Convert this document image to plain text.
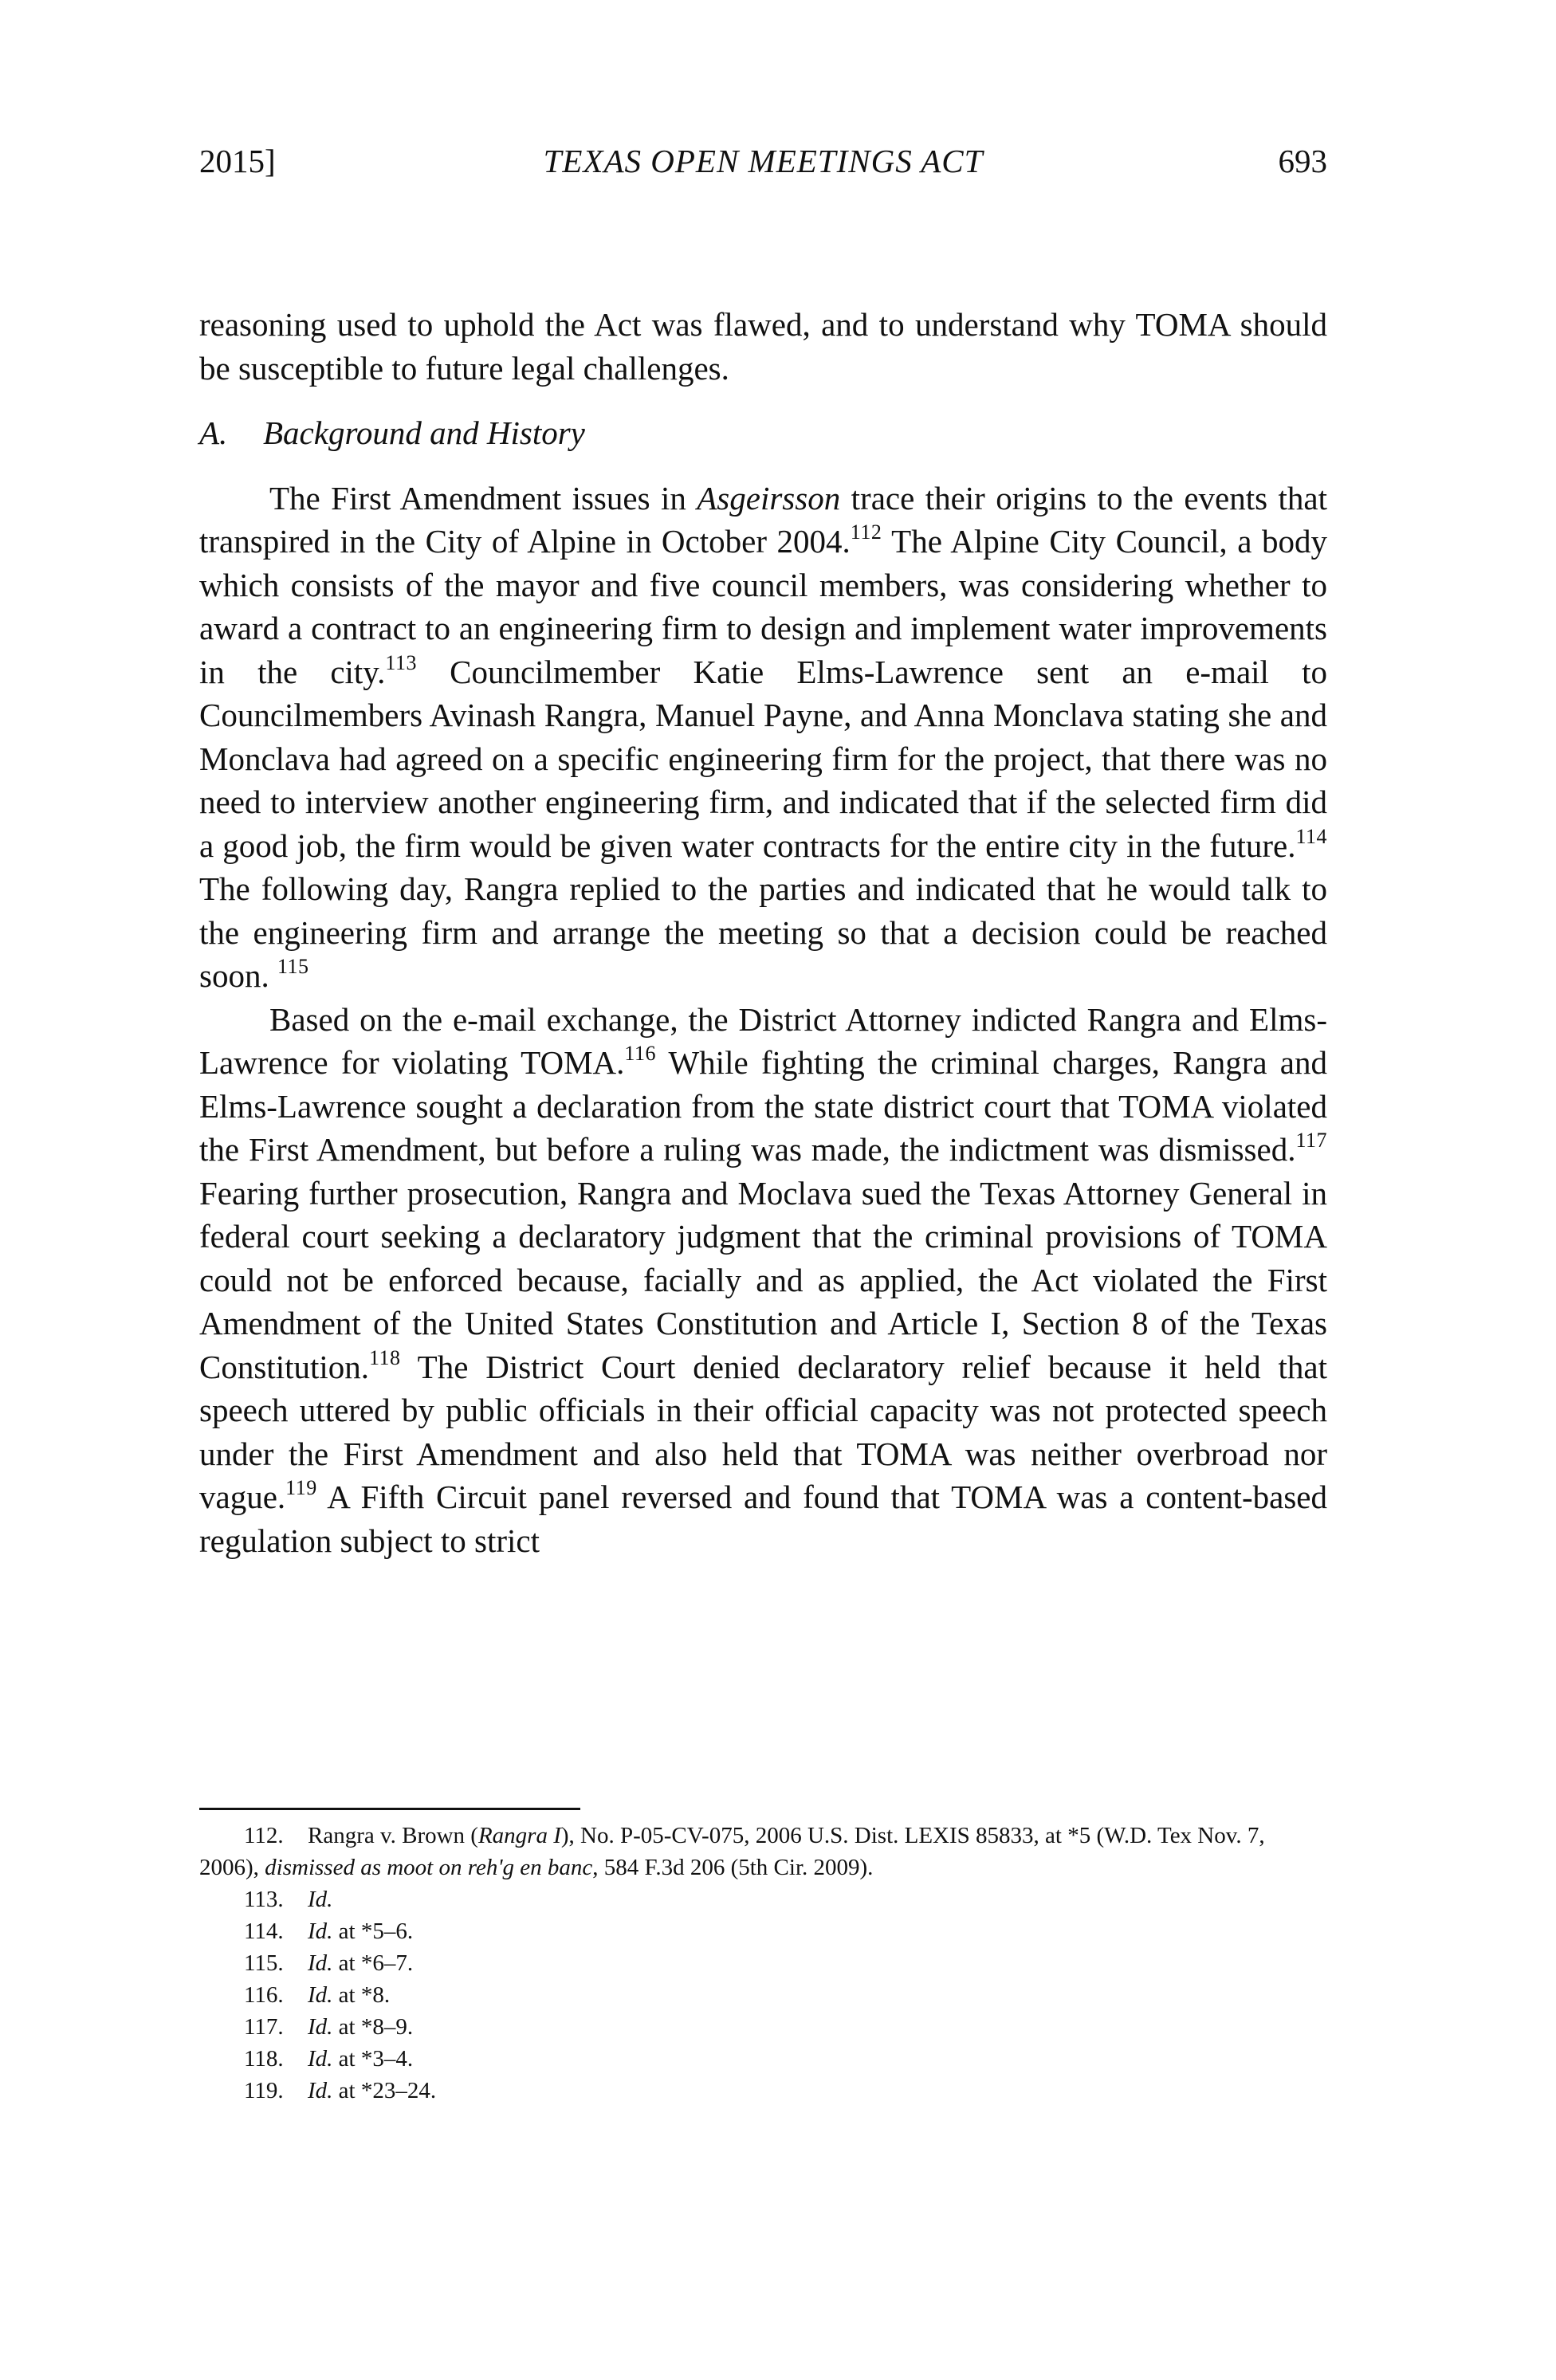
2015]	TEXAS OPEN MEETINGS ACT	693

reasoning used to uphold the Act was flawed, and to understand why TOMA should be susceptible to future legal challenges.

A. Background and History

The First Amendment issues in Asgeirsson trace their origins to the events that transpired in the City of Alpine in October 2004.$^{112}$ The Alpine City Council, a body which consists of the mayor and five council members, was considering whether to award a contract to an engineering firm to design and implement water improvements in the city.$^{113}$ Councilmember Katie Elms-Lawrence sent an e-mail to Councilmembers Avinash Rangra, Manuel Payne, and Anna Monclava stating she and Monclava had agreed on a specific engineering firm for the project, that there was no need to interview another engineering firm, and indicated that if the selected firm did a good job, the firm would be given water contracts for the entire city in the future.$^{114}$ The following day, Rangra replied to the parties and indicated that he would talk to the engineering firm and arrange the meeting so that a decision could be reached soon. $^{115}$

Based on the e-mail exchange, the District Attorney indicted Rangra and Elms-Lawrence for violating TOMA.$^{116}$ While fighting the criminal charges, Rangra and Elms-Lawrence sought a declaration from the state district court that TOMA violated the First Amendment, but before a ruling was made, the indictment was dismissed.$^{117}$ Fearing further prosecution, Rangra and Moclava sued the Texas Attorney General in federal court seeking a declaratory judgment that the criminal provisions of TOMA could not be enforced because, facially and as applied, the Act violated the First Amendment of the United States Constitution and Article I, Section 8 of the Texas Constitution.$^{118}$ The District Court denied declaratory relief because it held that speech uttered by public officials in their official capacity was not protected speech under the First Amendment and also held that TOMA was neither overbroad nor vague.$^{119}$ A Fifth Circuit panel reversed and found that TOMA was a content-based regulation subject to strict

112. Rangra v. Brown (Rangra I), No. P-05-CV-075, 2006 U.S. Dist. LEXIS 85833, at *5 (W.D. Tex Nov. 7, 2006), dismissed as moot on reh'g en banc, 584 F.3d 206 (5th Cir. 2009).

113. Id.

114. Id. at *5–6.

115. Id. at *6–7.

116. Id. at *8.

117. Id. at *8–9.

118. Id. at *3–4.

119. Id. at *23–24.
